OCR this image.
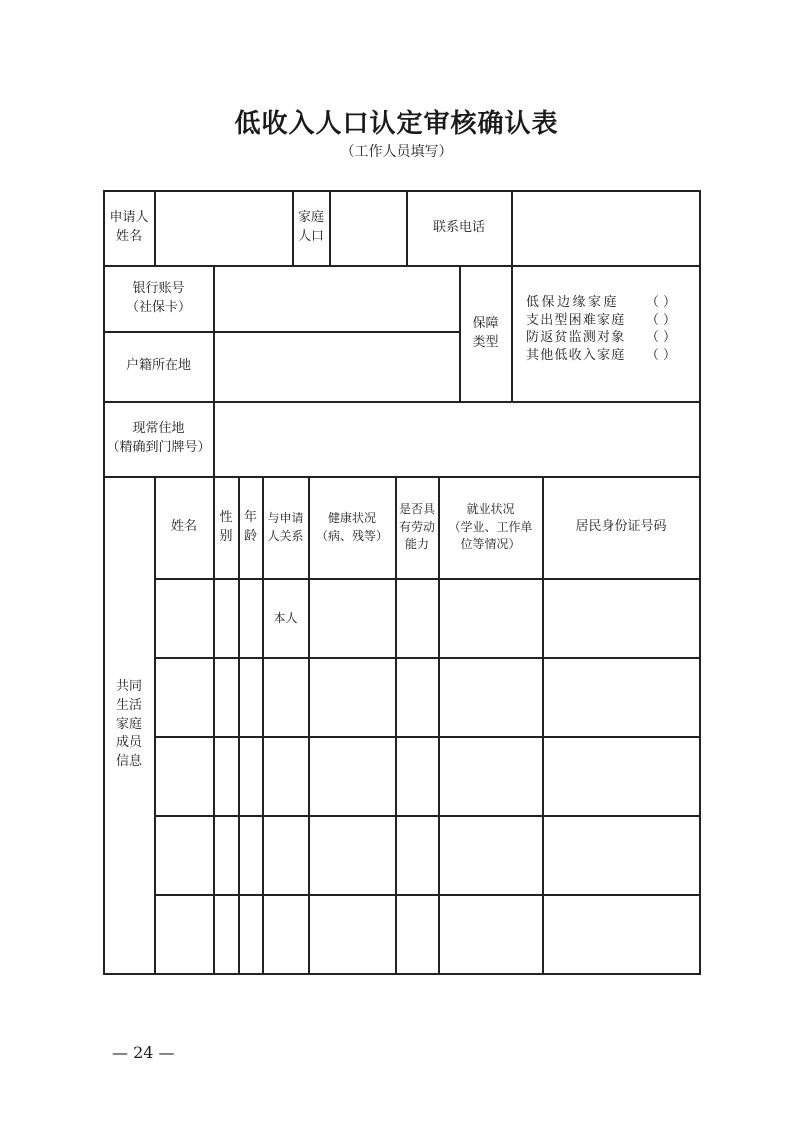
低收入人口认定审核确认表
（工作人员填写）
申请人
姓名
家庭
人口
联系电话
银行账号
（社保卡）
户籍所在地
保障
类型
低保边缘家庭 （ ）
支出型困难家庭 （ ）
防返贫监测对象 （ ）
其他低收入家庭 （ ）
现常住地
（精确到门牌号）
共同
生活
家庭
成员
信息
姓名
性
别
年
龄
与申请
人关系
健康状况
（病、残等）
是否具
有劳动
能力
就业状况
（学业、工作单
位等情况）
居民身份证号码
本人
— 24 —
